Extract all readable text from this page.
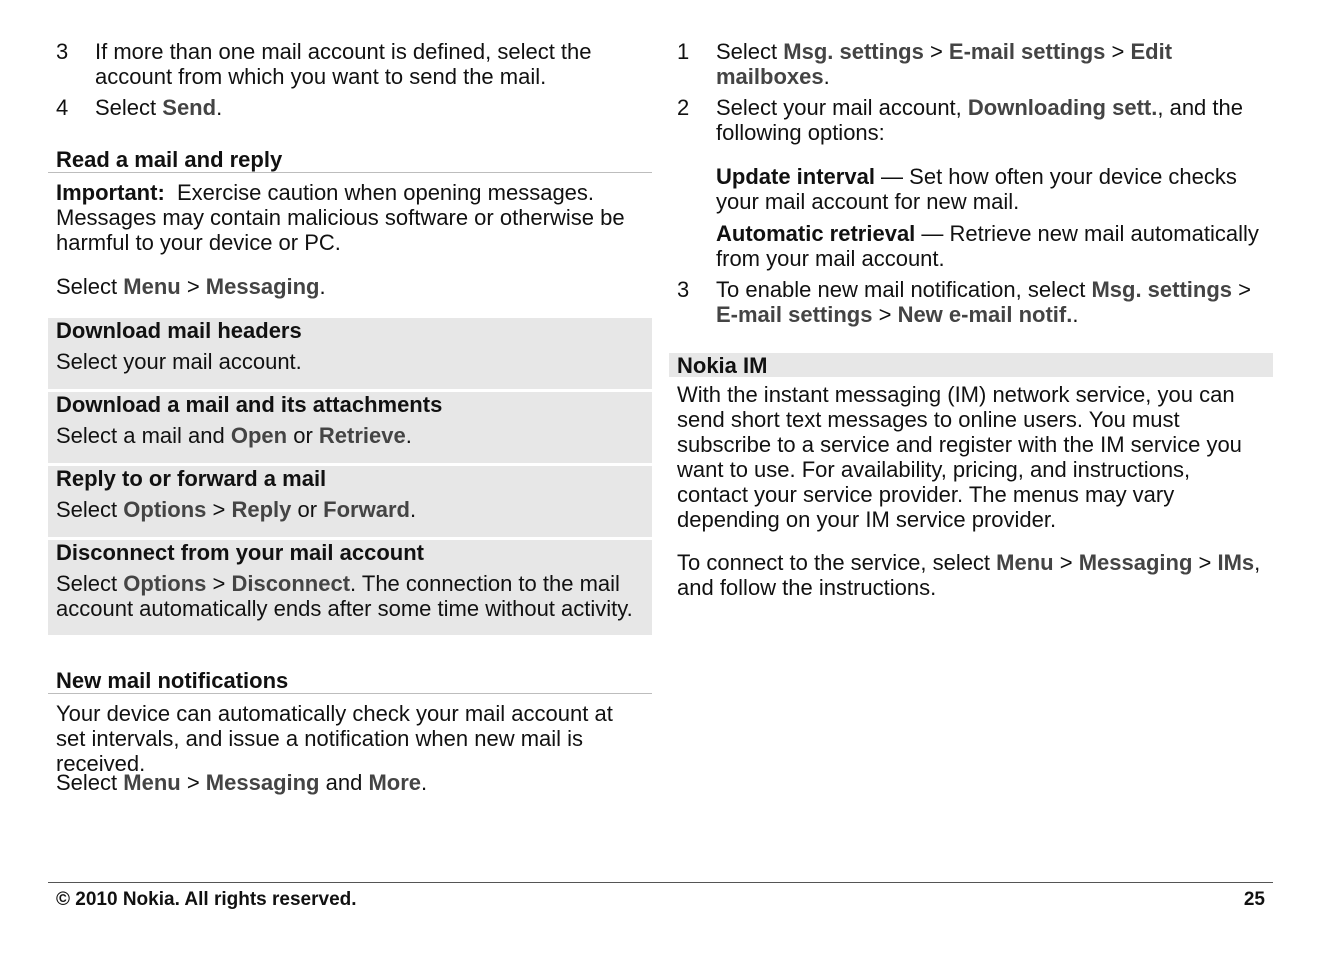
3	If more than one mail account is defined, select the account from which you want to send the mail.
4	Select Send.
Read a mail and reply
Important: Exercise caution when opening messages. Messages may contain malicious software or otherwise be harmful to your device or PC.
Select Menu > Messaging.
Download mail headers
Select your mail account.
Download a mail and its attachments
Select a mail and Open or Retrieve.
Reply to or forward a mail
Select Options > Reply or Forward.
Disconnect from your mail account
Select Options > Disconnect. The connection to the mail account automatically ends after some time without activity.
New mail notifications
Your device can automatically check your mail account at set intervals, and issue a notification when new mail is received.
Select Menu > Messaging and More.
1	Select Msg. settings > E-mail settings > Edit mailboxes.
2	Select your mail account, Downloading sett., and the following options:
Update interval — Set how often your device checks your mail account for new mail.
Automatic retrieval — Retrieve new mail automatically from your mail account.
3	To enable new mail notification, select Msg. settings > E-mail settings > New e-mail notif..
Nokia IM
With the instant messaging (IM) network service, you can send short text messages to online users. You must subscribe to a service and register with the IM service you want to use. For availability, pricing, and instructions, contact your service provider. The menus may vary depending on your IM service provider.
To connect to the service, select Menu > Messaging > IMs, and follow the instructions.
© 2010 Nokia. All rights reserved.	25
